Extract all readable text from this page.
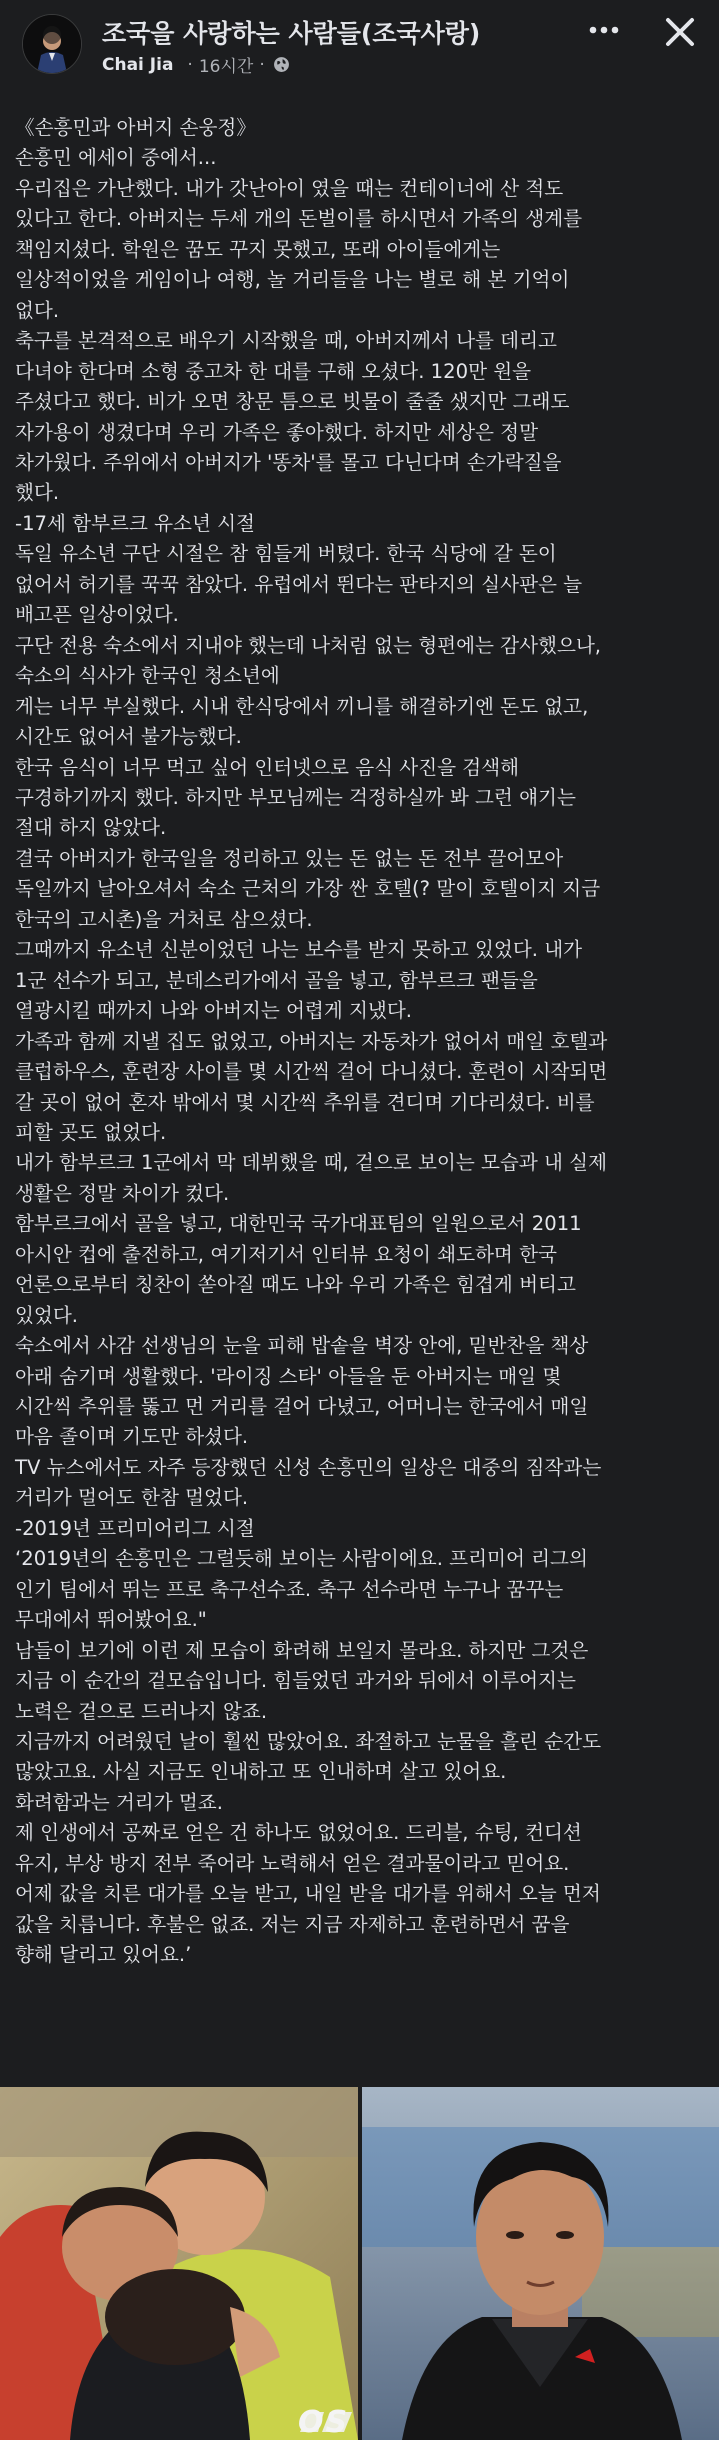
조국을 사랑하는 사람들(조국사랑)
Chai Jia · 16시간 ·

《손흥민과 아버지 손웅정》

손흥민 에세이 중에서...

우리집은 가난했다. 내가 갓난아이 였을 때는 컨테이너에 산 적도

있다고 한다. 아버지는 두세 개의 돈벌이를 하시면서 가족의 생계를

책임지셨다. 학원은 꿈도 꾸지 못했고, 또래 아이들에게는

일상적이었을 게임이나 여행, 놀 거리들을 나는 별로 해 본 기억이

없다.

축구를 본격적으로 배우기 시작했을 때, 아버지께서 나를 데리고

다녀야 한다며 소형 중고차 한 대를 구해 오셨다. 120만 원을

주셨다고 했다. 비가 오면 창문 틈으로 빗물이 줄줄 샜지만 그래도

자가용이 생겼다며 우리 가족은 좋아했다. 하지만 세상은 정말

차가웠다. 주위에서 아버지가 '똥차'를 몰고 다닌다며 손가락질을

했다.

-17세 함부르크 유소년 시절

독일 유소년 구단 시절은 참 힘들게 버텼다. 한국 식당에 갈 돈이

없어서 허기를 꾹꾹 참았다. 유럽에서 뛴다는 판타지의 실사판은 늘

배고픈 일상이었다.

구단 전용 숙소에서 지내야 했는데 나처럼 없는 형편에는 감사했으나,

숙소의 식사가 한국인 청소년에

게는 너무 부실했다. 시내 한식당에서 끼니를 해결하기엔 돈도 없고,

시간도 없어서 불가능했다.

한국 음식이 너무 먹고 싶어 인터넷으로 음식 사진을 검색해

구경하기까지 했다. 하지만 부모님께는 걱정하실까 봐 그런 얘기는

절대 하지 않았다.

결국 아버지가 한국일을 정리하고 있는 돈 없는 돈 전부 끌어모아

독일까지 날아오셔서 숙소 근처의 가장 싼 호텔(? 말이 호텔이지 지금

한국의 고시촌)을 거처로 삼으셨다.

그때까지 유소년 신분이었던 나는 보수를 받지 못하고 있었다. 내가

1군 선수가 되고, 분데스리가에서 골을 넣고, 함부르크 팬들을

열광시킬 때까지 나와 아버지는 어렵게 지냈다.

가족과 함께 지낼 집도 없었고, 아버지는 자동차가 없어서 매일 호텔과

클럽하우스, 훈련장 사이를 몇 시간씩 걸어 다니셨다. 훈련이 시작되면

갈 곳이 없어 혼자 밖에서 몇 시간씩 추위를 견디며 기다리셨다. 비를

피할 곳도 없었다.

내가 함부르크 1군에서 막 데뷔했을 때, 겉으로 보이는 모습과 내 실제

생활은 정말 차이가 컸다.

함부르크에서 골을 넣고, 대한민국 국가대표팀의 일원으로서 2011

아시안 컵에 출전하고, 여기저기서 인터뷰 요청이 쇄도하며 한국

언론으로부터 칭찬이 쏟아질 때도 나와 우리 가족은 힘겹게 버티고

있었다.

숙소에서 사감 선생님의 눈을 피해 밥솥을 벽장 안에, 밑반찬을 책상

아래 숨기며 생활했다. '라이징 스타' 아들을 둔 아버지는 매일 몇

시간씩 추위를 뚫고 먼 거리를 걸어 다녔고, 어머니는 한국에서 매일

마음 졸이며 기도만 하셨다.

TV 뉴스에서도 자주 등장했던 신성 손흥민의 일상은 대중의 짐작과는

거리가 멀어도 한참 멀었다.

-2019년 프리미어리그 시절

‘2019년의 손흥민은 그럴듯해 보이는 사람이에요. 프리미어 리그의

인기 팀에서 뛰는 프로 축구선수죠. 축구 선수라면 누구나 꿈꾸는

무대에서 뛰어봤어요."

남들이 보기에 이런 제 모습이 화려해 보일지 몰라요. 하지만 그것은

지금 이 순간의 겉모습입니다. 힘들었던 과거와 뒤에서 이루어지는

노력은 겉으로 드러나지 않죠.

지금까지 어려웠던 날이 훨씬 많았어요. 좌절하고 눈물을 흘린 순간도

많았고요. 사실 지금도 인내하고 또 인내하며 살고 있어요.

화려함과는 거리가 멀죠.

제 인생에서 공짜로 얻은 건 하나도 없었어요. 드리블, 슈팅, 컨디션

유지, 부상 방지 전부 죽어라 노력해서 얻은 결과물이라고 믿어요.

어제 값을 치른 대가를 오늘 받고, 내일 받을 대가를 위해서 오늘 먼저

값을 치릅니다. 후불은 없죠. 저는 지금 자제하고 훈련하면서 꿈을

향해 달리고 있어요.’

OS
